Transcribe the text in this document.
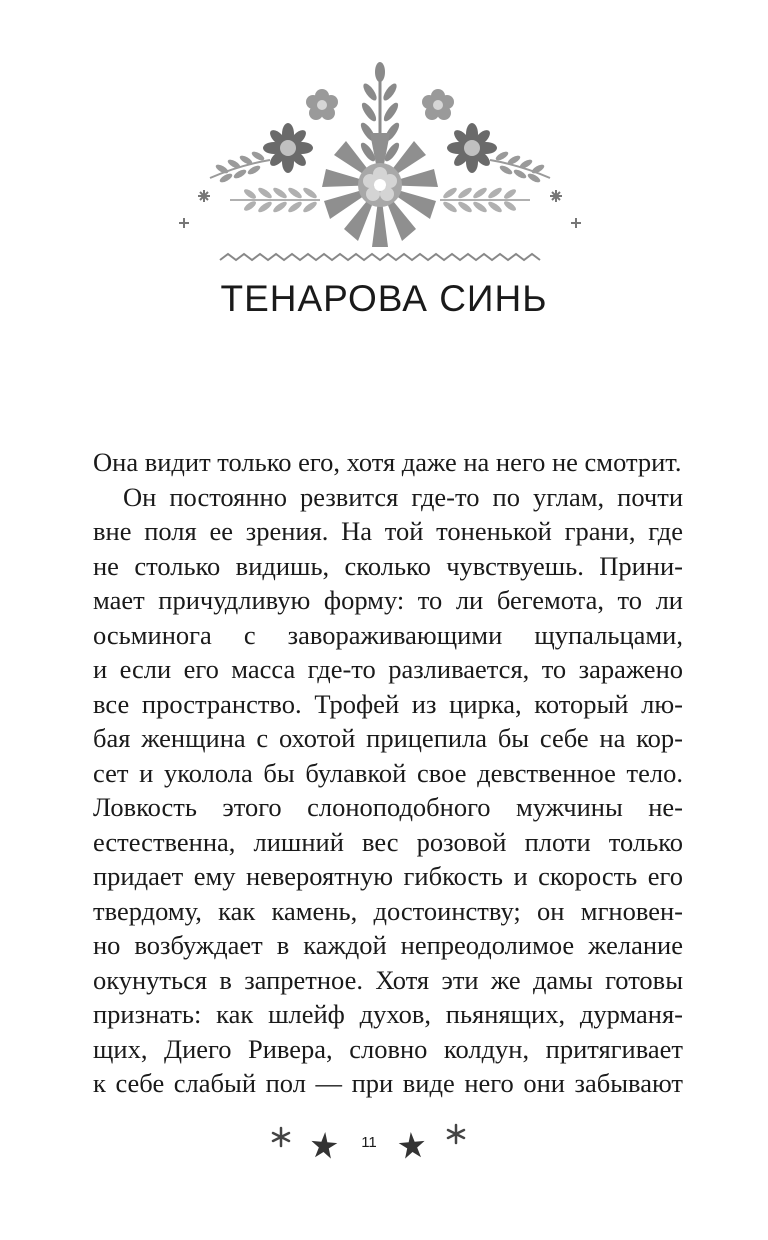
ТЕНАРОВА СИНЬ
Она видит только его, хотя даже на него не смотрит.
Он постоянно резвится где-то по углам, почти
вне поля ее зрения. На той тоненькой грани, где
не столько видишь, сколько чувствуешь. Прини-
мает причудливую форму: то ли бегемота, то ли
осьминога с завораживающими щупальцами,
и если его масса где-то разливается, то заражено
все пространство. Трофей из цирка, который лю-
бая женщина с охотой прицепила бы себе на кор-
сет и уколола бы булавкой свое девственное тело.
Ловкость этого слоноподобного мужчины не-
естественна, лишний вес розовой плоти только
придает ему невероятную гибкость и скорость его
твердому, как камень, достоинству; он мгновен-
но возбуждает в каждой непреодолимое желание
окунуться в запретное. Хотя эти же дамы готовы
признать: как шлейф духов, пьянящих, дурманя-
щих, Диего Ривера, словно колдун, притягивает
к себе слабый пол — при виде него они забывают
11
